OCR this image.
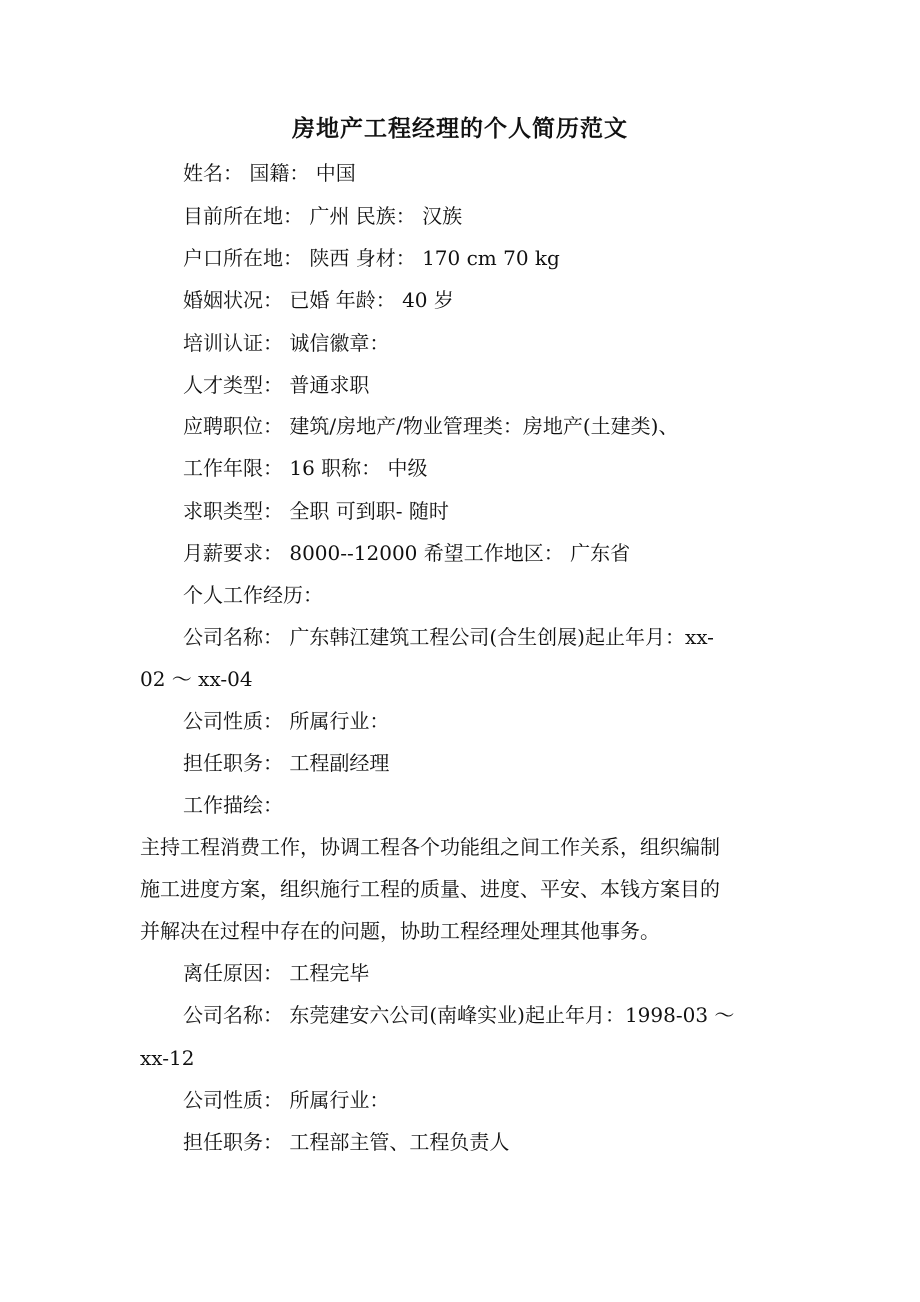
房地产工程经理的个人简历范文
姓名： 国籍： 中国
目前所在地： 广州 民族： 汉族
户口所在地： 陕西 身材： 170 cm 70 kg
婚姻状况： 已婚 年龄： 40 岁
培训认证： 诚信徽章：
人才类型： 普通求职
应聘职位： 建筑/房地产/物业管理类：房地产(土建类)、
工作年限： 16 职称： 中级
求职类型： 全职 可到职- 随时
月薪要求： 8000--12000 希望工作地区： 广东省
个人工作经历：
公司名称： 广东韩江建筑工程公司(合生创展)起止年月：xx-
02 ～ xx-04
公司性质： 所属行业：
担任职务： 工程副经理
工作描绘：
主持工程消费工作，协调工程各个功能组之间工作关系，组织编制
施工进度方案，组织施行工程的质量、进度、平安、本钱方案目的
并解决在过程中存在的问题，协助工程经理处理其他事务。
离任原因： 工程完毕
公司名称： 东莞建安六公司(南峰实业)起止年月：1998-03 ～
xx-12
公司性质： 所属行业：
担任职务： 工程部主管、工程负责人
